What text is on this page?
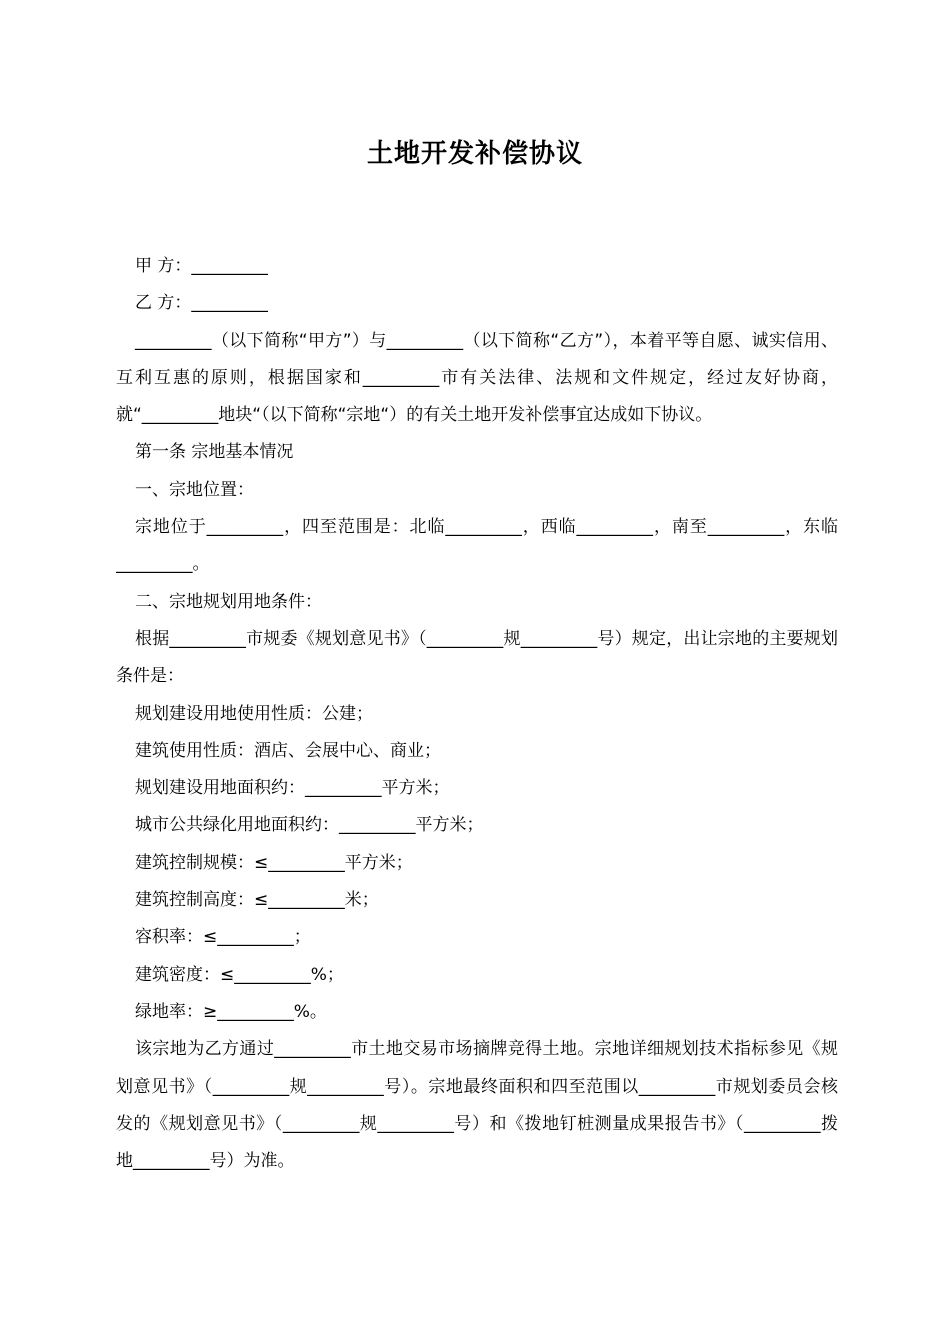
土地开发补偿协议

甲 方：_________

乙 方：_________

_________（以下简称“甲方”）与_________（以下简称“乙方”），本着平等自愿、诚实信用、互利互惠的原则，根据国家和_________市有关法律、法规和文件规定，经过友好协商，就“_________地块“（以下简称“宗地“）的有关土地开发补偿事宜达成如下协议。

第一条 宗地基本情况

一、宗地位置：

宗地位于_________，四至范围是：北临_________，西临_________，南至_________，东临_________。

二、宗地规划用地条件：

根据_________市规委《规划意见书》（_________规_________号）规定，出让宗地的主要规划条件是：

规划建设用地使用性质：公建；

建筑使用性质：酒店、会展中心、商业；

规划建设用地面积约：_________平方米；

城市公共绿化用地面积约：_________平方米；

建筑控制规模：≤_________平方米；

建筑控制高度：≤_________米；

容积率：≤_________；

建筑密度：≤_________%；

绿地率：≥_________%。

该宗地为乙方通过_________市土地交易市场摘牌竞得土地。宗地详细规划技术指标参见《规划意见书》（_________规_________号）。宗地最终面积和四至范围以_________市规划委员会核发的《规划意见书》（_________规_________号）和《拨地钉桩测量成果报告书》（_________拨地_________号）为准。
